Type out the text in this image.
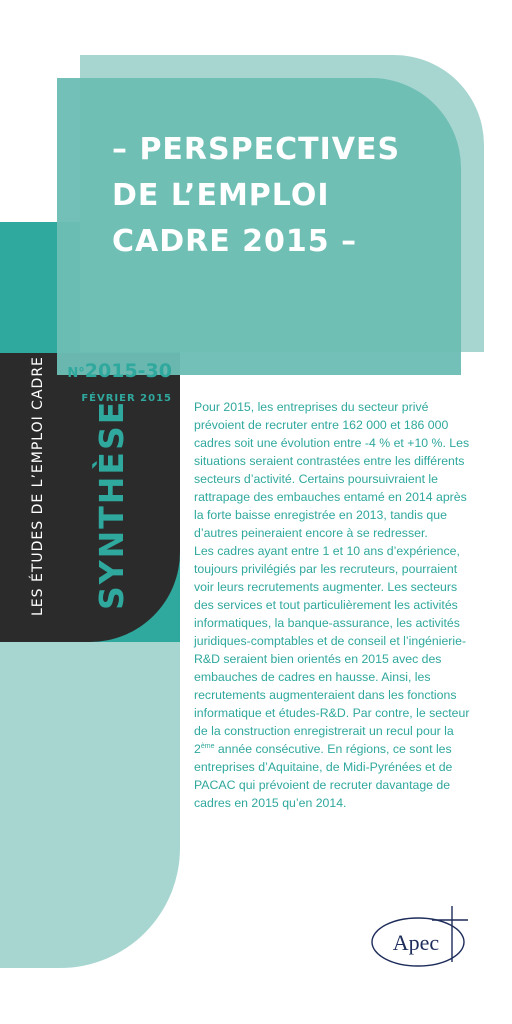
– PERSPECTIVES
DE L’EMPLOI
CADRE 2015 –
N°2015-30
FÉVRIER 2015
LES ÉTUDES DE L’EMPLOI CADRE SYNTHÈSE	Pour 2015, les entreprises du secteur privé prévoient de recruter entre 162 000 et 186 000 cadres soit une évolution entre -4 % et +10 %. Les situations seraient contrastées entre les différents secteurs d’activité. Certains poursuivraient le rattrapage des embauches entamé en 2014 après la forte baisse enregistrée en 2013, tandis que d’autres peineraient encore à se redresser.
Les cadres ayant entre 1 et 10 ans d’expérience, toujours privilégiés par les recruteurs, pourraient voir leurs recrutements augmenter. Les secteurs des services et tout particulièrement les activités informatiques, la banque-assurance, les activités juridiques-comptables et de conseil et l’ingénierie-R&D seraient bien orientés en 2015 avec des embauches de cadres en hausse. Ainsi, les recrutements augmenteraient dans les fonctions informatique et études-R&D. Par contre, le secteur de la construction enregistrerait un recul pour la 2ème année consécutive. En régions, ce sont les entreprises d’Aquitaine, de Midi-Pyrénées et de PACAC qui prévoient de recruter davantage de cadres en 2015 qu’en 2014.

Apec
